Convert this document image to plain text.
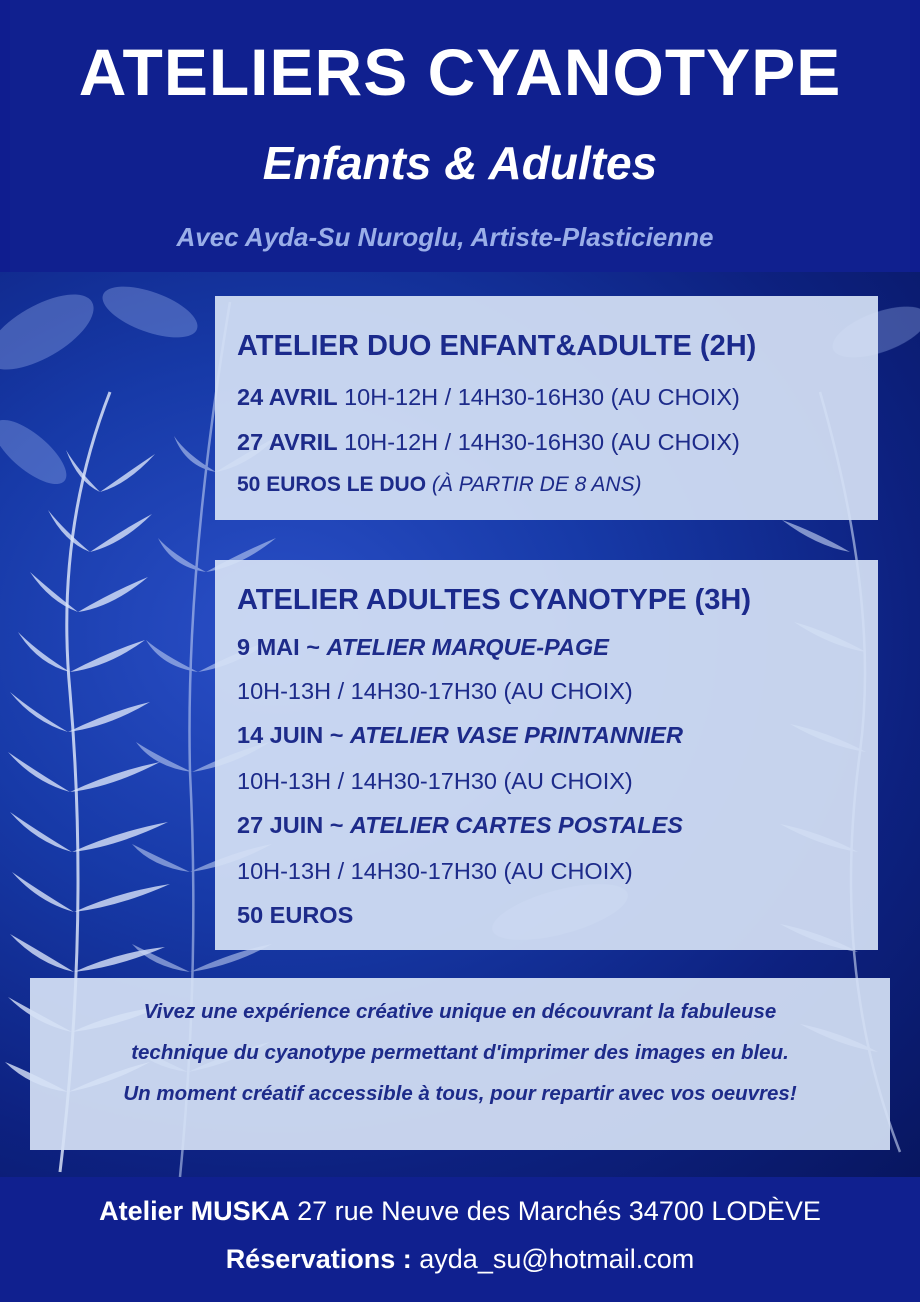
ATELIERS CYANOTYPE
Enfants & Adultes

Avec Ayda-Su Nuroglu, Artiste-Plasticienne

ATELIER DUO ENFANT&ADULTE (2H)
24 AVRIL 10H-12H / 14H30-16H30 (AU CHOIX)
27 AVRIL 10H-12H / 14H30-16H30 (AU CHOIX)
50 EUROS LE DUO (À PARTIR DE 8 ANS)
ATELIER ADULTES CYANOTYPE (3H)
9 MAI ~ ATELIER MARQUE-PAGE
10H-13H / 14H30-17H30 (AU CHOIX)
14 JUIN ~ ATELIER VASE PRINTANNIER
10H-13H / 14H30-17H30 (AU CHOIX)
27 JUIN ~ ATELIER CARTES POSTALES
10H-13H / 14H30-17H30 (AU CHOIX)
50 EUROS
Vivez une expérience créative unique en découvrant la fabuleuse
technique du cyanotype permettant d'imprimer des images en bleu.
Un moment créatif accessible à tous, pour repartir avec vos oeuvres!
Atelier MUSKA 27 rue Neuve des Marchés 34700 LODÈVE
Réservations : ayda_su@hotmail.com
